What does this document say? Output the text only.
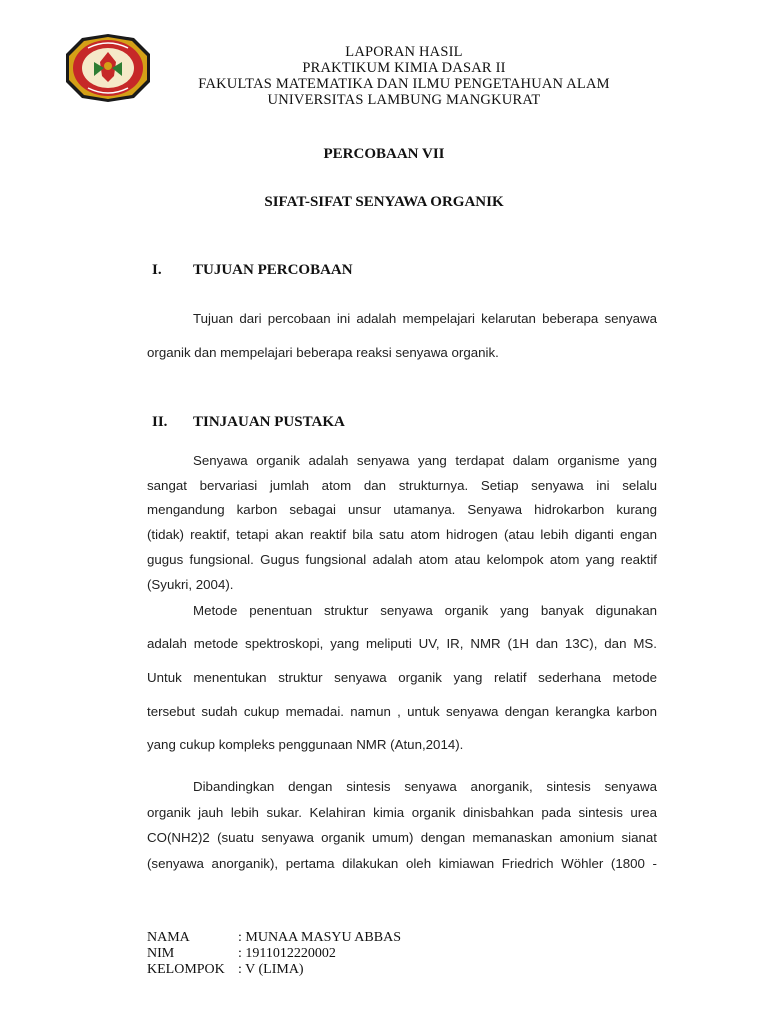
LAPORAN HASIL
PRAKTIKUM KIMIA DASAR II
FAKULTAS MATEMATIKA DAN ILMU PENGETAHUAN ALAM
UNIVERSITAS LAMBUNG MANGKURAT
PERCOBAAN VII
SIFAT-SIFAT SENYAWA ORGANIK
I. TUJUAN PERCOBAAN
Tujuan dari percobaan ini adalah mempelajari kelarutan beberapa senyawa
organik dan mempelajari beberapa reaksi senyawa organik.
II. TINJAUAN PUSTAKA
Senyawa organik adalah senyawa yang terdapat dalam organisme yang
sangat bervariasi jumlah atom dan strukturnya. Setiap senyawa ini selalu
mengandung karbon sebagai unsur utamanya. Senyawa hidrokarbon kurang
(tidak) reaktif, tetapi akan reaktif bila satu atom hidrogen (atau lebih diganti engan
gugus fungsional. Gugus fungsional adalah atom atau kelompok atom yang reaktif
(Syukri, 2004).
Metode penentuan struktur senyawa organik yang banyak digunakan
adalah metode spektroskopi, yang meliputi UV, IR, NMR (1H dan 13C), dan MS.
Untuk menentukan struktur senyawa organik yang relatif sederhana metode
tersebut sudah cukup memadai. namun , untuk senyawa dengan kerangka karbon
yang cukup kompleks penggunaan NMR (Atun,2014).
Dibandingkan dengan sintesis senyawa anorganik, sintesis senyawa
organik jauh lebih sukar. Kelahiran kimia organik dinisbahkan pada sintesis urea
CO(NH2)2 (suatu senyawa organik umum) dengan memanaskan amonium sianat
(senyawa anorganik), pertama dilakukan oleh kimiawan Friedrich Wöhler (1800 -
NAMA	: MUNAA MASYU ABBAS
NIM	: 1911012220002
KELOMPOK : V (LIMA)
